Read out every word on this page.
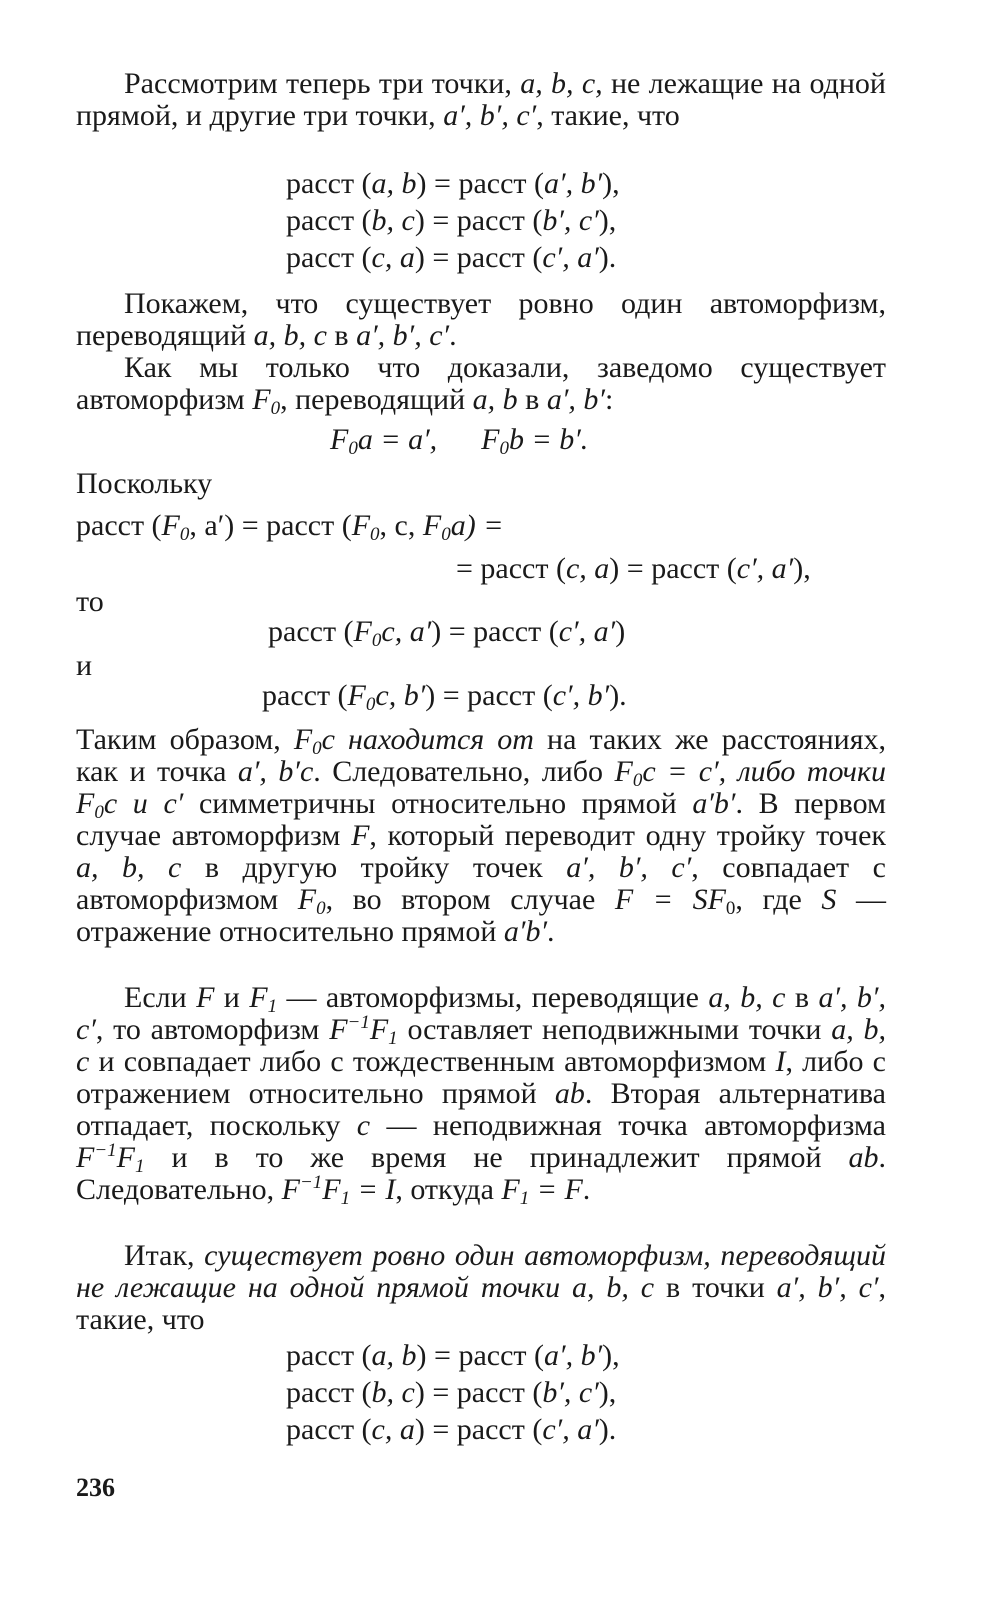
Рассмотрим теперь три точки, a, b, c, не лежащие на одной прямой, и другие три точки, a′, b′, c′, такие, что

расст (a, b) = расст (a′, b′),

расст (b, c) = расст (b′, c′),

расст (c, a) = расст (c′, a′).

Покажем, что существует ровно один автоморфизм, переводящий a, b, c в a′, b′, c′.

Как мы только что доказали, заведомо существует автоморфизм $F_0$, переводящий a, b в a′, b′:

$F_0a = a'$, $F_0b = b'$.

Поскольку

расст ($F_0$, a′) = расст ($F_0$, c, $F_0a$) =

= расст (c, a) = расст (c′, a′),

то

расст ($F_0c$, a′) = расст (c′, a′)

и

расст ($F_0c$, b′) = расст (c′, b′).

Таким образом, $F_0c$ находится от на таких же расстояниях, как и точка a′, b′c. Следовательно, либо $F_0c = c'$, либо точки $F_0c$ и c′ симметричны относительно прямой a′b′. В первом случае автоморфизм F, который переводит одну тройку точек a, b, c в другую тройку точек a′, b′, c′, совпадает с автоморфизмом $F_0$, во втором случае $F = SF_0$, где S — отражение относительно прямой a′b′.

Если F и $F_1$ — автоморфизмы, переводящие a, b, c в a′, b′, c′, то автоморфизм $F^{-1}F_1$ оставляет неподвижными точки a, b, c и совпадает либо с тождественным автоморфизмом I, либо с отражением относительно прямой ab. Вторая альтернатива отпадает, поскольку c — неподвижная точка автоморфизма $F^{-1}F_1$ и в то же время не принадлежит прямой ab. Следовательно, $F^{-1}F_1 = I$, откуда $F_1 = F$.

Итак, существует ровно один автоморфизм, переводящий не лежащие на одной прямой точки a, b, c в точки a′, b′, c′, такие, что

расст (a, b) = расст (a′, b′),

расст (b, c) = расст (b′, c′),

расст (c, a) = расст (c′, a′).

236
